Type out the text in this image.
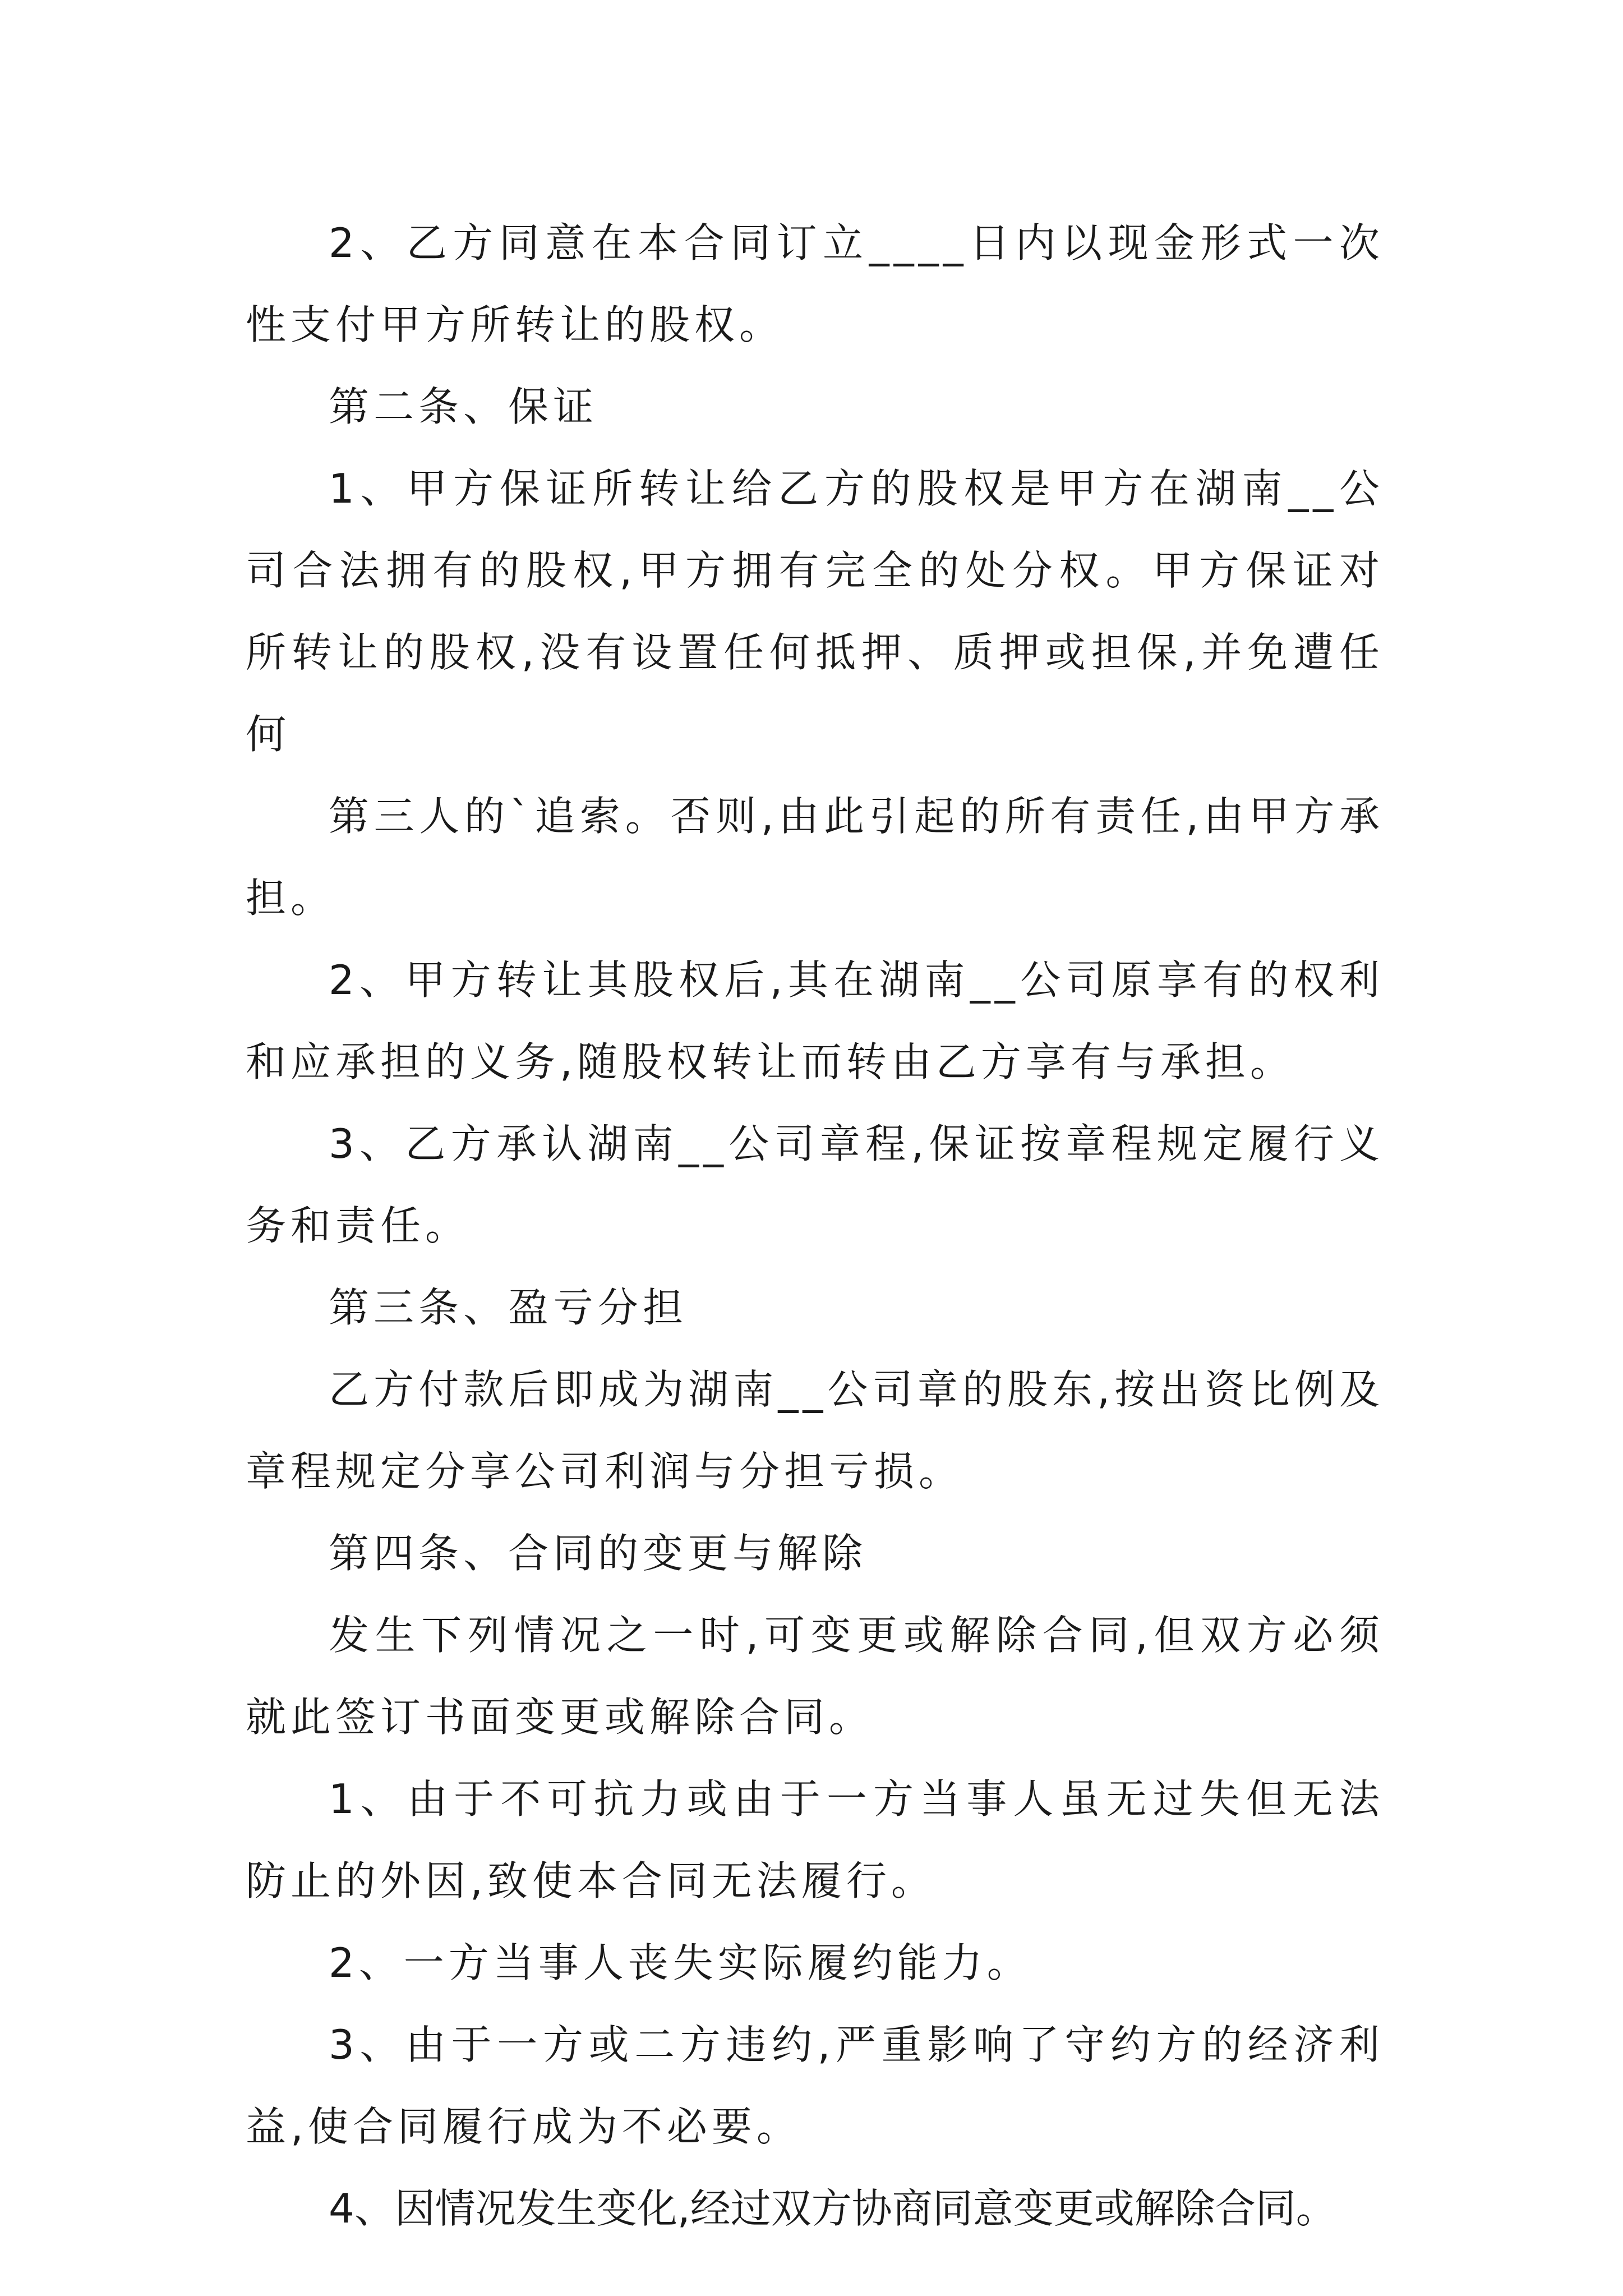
2、乙方同意在本合同订立____日内以现金形式一次性支付甲方所转让的股权。

第二条、保证

1、甲方保证所转让给乙方的股权是甲方在湖南__公司合法拥有的股权,甲方拥有完全的处分权。甲方保证对所转让的股权,没有设置任何抵押、质押或担保,并免遭任何

第三人的`追索。否则,由此引起的所有责任,由甲方承担。

2、甲方转让其股权后,其在湖南__公司原享有的权利和应承担的义务,随股权转让而转由乙方享有与承担。

3、乙方承认湖南__公司章程,保证按章程规定履行义务和责任。

第三条、盈亏分担

乙方付款后即成为湖南__公司章的股东,按出资比例及章程规定分享公司利润与分担亏损。

第四条、合同的变更与解除

发生下列情况之一时,可变更或解除合同,但双方必须就此签订书面变更或解除合同。

1、由于不可抗力或由于一方当事人虽无过失但无法防止的外因,致使本合同无法履行。

2、一方当事人丧失实际履约能力。

3、由于一方或二方违约,严重影响了守约方的经济利益,使合同履行成为不必要。

4、因情况发生变化,经过双方协商同意变更或解除合同。
